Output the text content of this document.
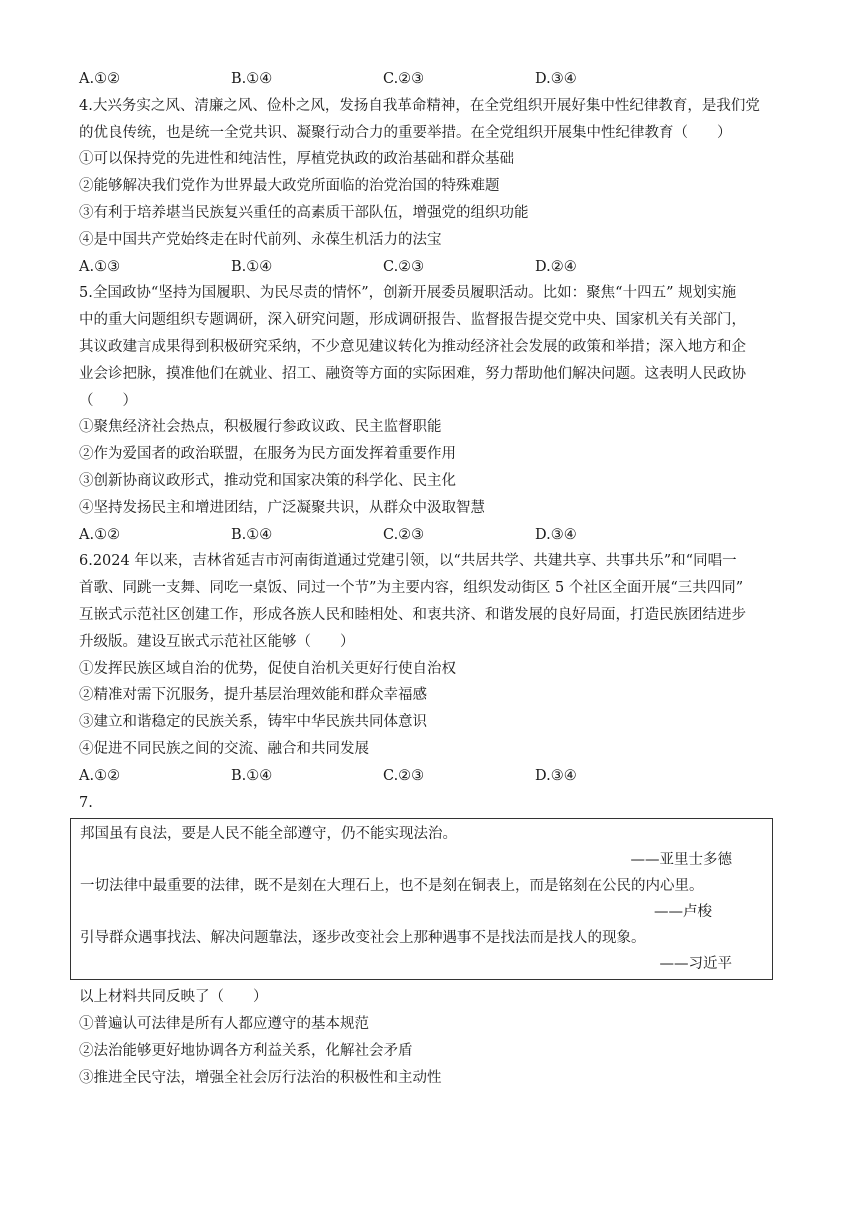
A.①②	B.①④	C.②③	D.③④
4.大兴务实之风、清廉之风、俭朴之风，发扬自我革命精神，在全党组织开展好集中性纪律教育，是我们党
的优良传统，也是统一全党共识、凝聚行动合力的重要举措。在全党组织开展集中性纪律教育（　　）
①可以保持党的先进性和纯洁性，厚植党执政的政治基础和群众基础
②能够解决我们党作为世界最大政党所面临的治党治国的特殊难题
③有利于培养堪当民族复兴重任的高素质干部队伍，增强党的组织功能
④是中国共产党始终走在时代前列、永葆生机活力的法宝
A.①③	B.①④	C.②③	D.②④
5.全国政协“坚持为国履职、为民尽责的情怀”，创新开展委员履职活动。比如：聚焦“十四五” 规划实施
中的重大问题组织专题调研，深入研究问题，形成调研报告、监督报告提交党中央、国家机关有关部门，
其议政建言成果得到积极研究采纳，不少意见建议转化为推动经济社会发展的政策和举措；深入地方和企
业会诊把脉，摸准他们在就业、招工、融资等方面的实际困难，努力帮助他们解决问题。这表明人民政协
（　　）
①聚焦经济社会热点，积极履行参政议政、民主监督职能
②作为爱国者的政治联盟，在服务为民方面发挥着重要作用
③创新协商议政形式，推动党和国家决策的科学化、民主化
④坚持发扬民主和增进团结，广泛凝聚共识，从群众中汲取智慧
A.①②	B.①④	C.②③	D.③④
6.2024 年以来，吉林省延吉市河南街道通过党建引领，以“共居共学、共建共享、共事共乐”和“同唱一
首歌、同跳一支舞、同吃一桌饭、同过一个节”为主要内容，组织发动街区 5 个社区全面开展“三共四同”
互嵌式示范社区创建工作，形成各族人民和睦相处、和衷共济、和谐发展的良好局面，打造民族团结进步
升级版。建设互嵌式示范社区能够（　　）
①发挥民族区域自治的优势，促使自治机关更好行使自治权
②精准对需下沉服务，提升基层治理效能和群众幸福感
③建立和谐稳定的民族关系，铸牢中华民族共同体意识
④促进不同民族之间的交流、融合和共同发展
A.①②	B.①④	C.②③	D.③④
7.
邦国虽有良法，要是人民不能全部遵守，仍不能实现法治。
——亚里士多德
一切法律中最重要的法律，既不是刻在大理石上，也不是刻在铜表上，而是铭刻在公民的内心里。
——卢梭
引导群众遇事找法、解决问题靠法，逐步改变社会上那种遇事不是找法而是找人的现象。
——习近平
以上材料共同反映了（　　）
①普遍认可法律是所有人都应遵守的基本规范
②法治能够更好地协调各方利益关系，化解社会矛盾
③推进全民守法，增强全社会厉行法治的积极性和主动性
